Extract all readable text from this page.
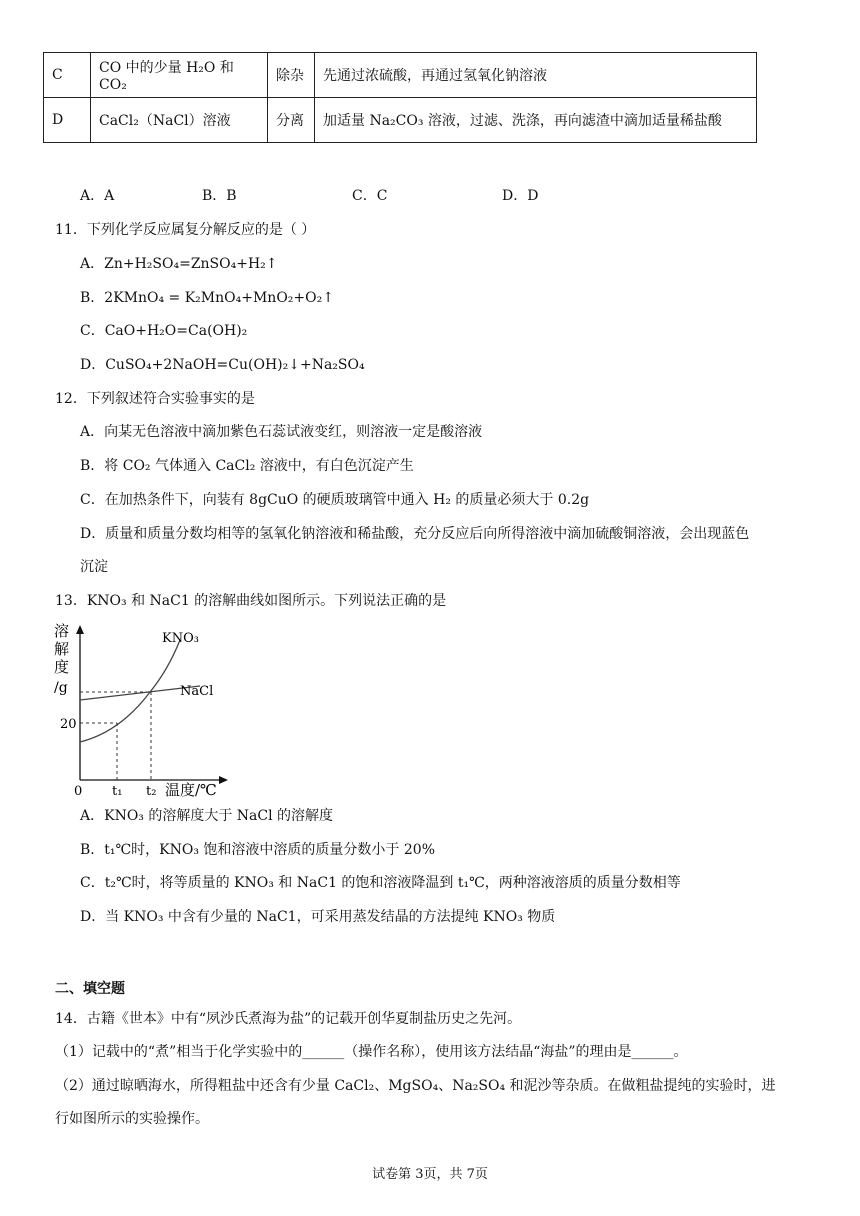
C	CO 中的少量 H₂O 和 CO₂	除杂	先通过浓硫酸，再通过氢氧化钠溶液
D	CaCl₂（NaCl）溶液	分离	加适量 Na₂CO₃ 溶液，过滤、洗涤，再向滤渣中滴加适量稀盐酸
A．A	B．B	C．C	D．D
11．下列化学反应属复分解反应的是（ ）
A．Zn+H₂SO₄=ZnSO₄+H₂↑
B．2KMnO₄ = K₂MnO₄+MnO₂+O₂↑
C．CaO+H₂O=Ca(OH)₂
D．CuSO₄+2NaOH=Cu(OH)₂↓+Na₂SO₄
12．下列叙述符合实验事实的是
A．向某无色溶液中滴加紫色石蕊试液变红，则溶液一定是酸溶液
B．将 CO₂ 气体通入 CaCl₂ 溶液中，有白色沉淀产生
C．在加热条件下，向装有 8gCuO 的硬质玻璃管中通入 H₂ 的质量必须大于 0.2g
D．质量和质量分数均相等的氢氧化钠溶液和稀盐酸，充分反应后向所得溶液中滴加硫酸铜溶液，会出现蓝色
沉淀
13．KNO₃ 和 NaC1 的溶解曲线如图所示。下列说法正确的是
溶
解
度
/g
20
0 t₁ t₂ 温度/℃
KNO₃
NaCl
A．KNO₃ 的溶解度大于 NaCl 的溶解度
B．t₁℃时，KNO₃ 饱和溶液中溶质的质量分数小于 20%
C．t₂℃时，将等质量的 KNO₃ 和 NaC1 的饱和溶液降温到 t₁℃，两种溶液溶质的质量分数相等
D．当 KNO₃ 中含有少量的 NaC1，可采用蒸发结晶的方法提纯 KNO₃ 物质
二、填空题
14．古籍《世本》中有“夙沙氏煮海为盐”的记载开创华夏制盐历史之先河。
（1）记载中的“煮”相当于化学实验中的______（操作名称），使用该方法结晶“海盐”的理由是______。
（2）通过晾晒海水，所得粗盐中还含有少量 CaCl₂、MgSO₄、Na₂SO₄ 和泥沙等杂质。在做粗盐提纯的实验时，进
行如图所示的实验操作。
试卷第 3页，共 7页
